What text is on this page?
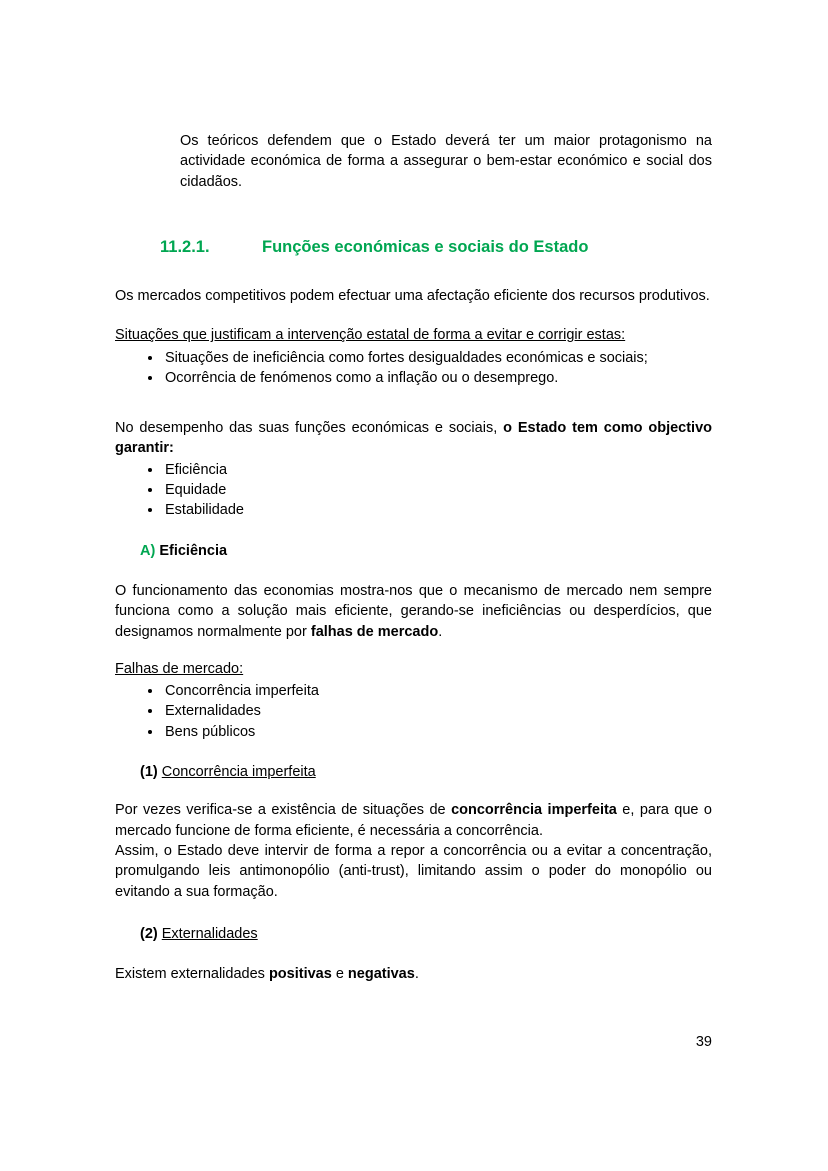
Os teóricos defendem que o Estado deverá ter um maior protagonismo na actividade económica de forma a assegurar o bem-estar económico e social dos cidadãos.

11.2.1.	Funções económicas e sociais do Estado

Os mercados competitivos podem efectuar uma afectação eficiente dos recursos produtivos.

Situações que justificam a intervenção estatal de forma a evitar e corrigir estas:

• Situações de ineficiência como fortes desigualdades económicas e sociais;
• Ocorrência de fenómenos como a inflação ou o desemprego.

No desempenho das suas funções económicas e sociais, o Estado tem como objectivo garantir:

• Eficiência
• Equidade
• Estabilidade

A) Eficiência

O funcionamento das economias mostra-nos que o mecanismo de mercado nem sempre funciona como a solução mais eficiente, gerando-se ineficiências ou desperdícios, que designamos normalmente por falhas de mercado.

Falhas de mercado:

• Concorrência imperfeita
• Externalidades
• Bens públicos

(1) Concorrência imperfeita

Por vezes verifica-se a existência de situações de concorrência imperfeita e, para que o mercado funcione de forma eficiente, é necessária a concorrência.

Assim, o Estado deve intervir de forma a repor a concorrência ou a evitar a concentração, promulgando leis antimonopólio (anti-trust), limitando assim o poder do monopólio ou evitando a sua formação.

(2) Externalidades

Existem externalidades positivas e negativas.

39
